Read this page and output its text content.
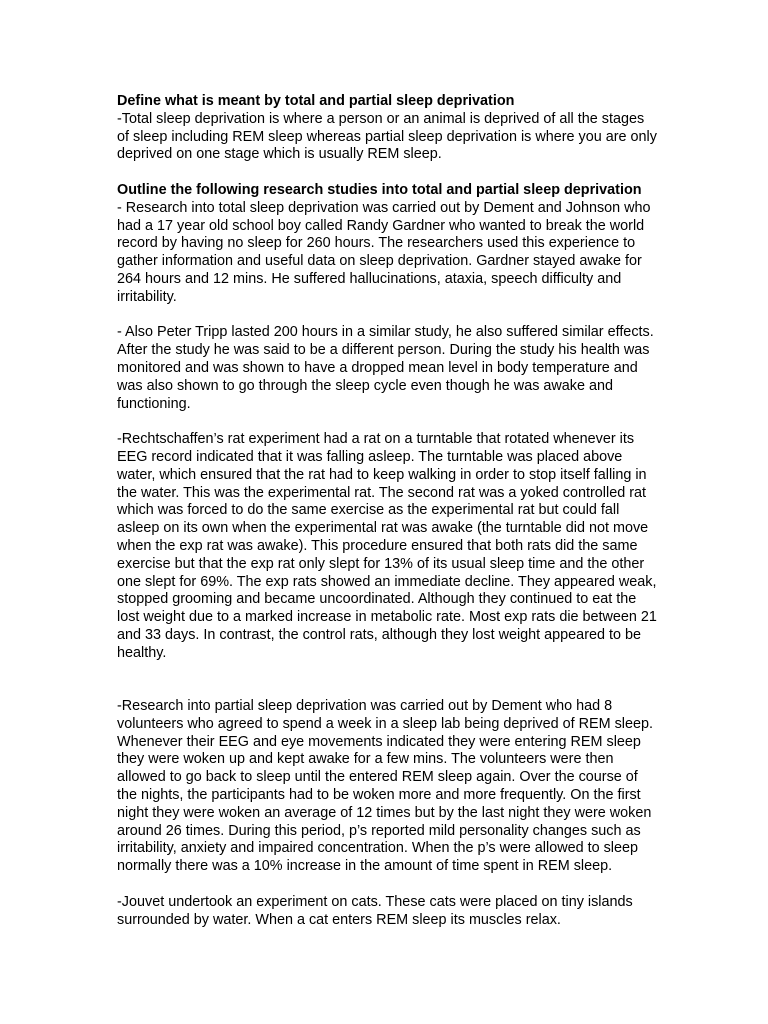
Define what is meant by total and partial sleep deprivation

-Total sleep deprivation is where a person or an animal is deprived of all the stages of sleep including REM sleep whereas partial sleep deprivation is where you are only deprived on one stage which is usually REM sleep.

Outline the following research studies into total and partial sleep deprivation

- Research into total sleep deprivation was carried out by Dement and Johnson who had a 17 year old school boy called Randy Gardner who wanted to break the world record by having no sleep for 260 hours. The researchers used this experience to gather information and useful data on sleep deprivation. Gardner stayed awake for 264 hours and 12 mins. He suffered hallucinations, ataxia, speech difficulty and irritability.

- Also Peter Tripp lasted 200 hours in a similar study, he also suffered similar effects. After the study he was said to be a different person. During the study his health was monitored and was shown to have a dropped mean level in body temperature and was also shown to go through the sleep cycle even though he was awake and functioning.

-Rechtschaffen’s rat experiment had a rat on a turntable that rotated whenever its EEG record indicated that it was falling asleep. The turntable was placed above water, which ensured that the rat had to keep walking in order to stop itself falling in the water. This was the experimental rat. The second rat was a yoked controlled rat which was forced to do the same exercise as the experimental rat but could fall asleep on its own when the experimental rat was awake (the turntable did not move when the exp rat was awake). This procedure ensured that both rats did the same exercise but that the exp rat only slept for 13% of its usual sleep time and the other one slept for 69%. The exp rats showed an immediate decline. They appeared weak, stopped grooming and became uncoordinated. Although they continued to eat the lost weight due to a marked increase in metabolic rate. Most exp rats die between 21 and 33 days. In contrast, the control rats, although they lost weight appeared to be healthy.

-Research into partial sleep deprivation was carried out by Dement who had 8 volunteers who agreed to spend a week in a sleep lab being deprived of REM sleep. Whenever their EEG and eye movements indicated they were entering REM sleep they were woken up and kept awake for a few mins. The volunteers were then allowed to go back to sleep until the entered REM sleep again. Over the course of the nights, the participants had to be woken more and more frequently. On the first night they were woken an average of 12 times but by the last night they were woken around 26 times. During this period, p’s reported mild personality changes such as irritability, anxiety and impaired concentration. When the p’s were allowed to sleep normally there was a 10% increase in the amount of time spent in REM sleep.

-Jouvet undertook an experiment on cats. These cats were placed on tiny islands surrounded by water. When a cat enters REM sleep its muscles relax.
